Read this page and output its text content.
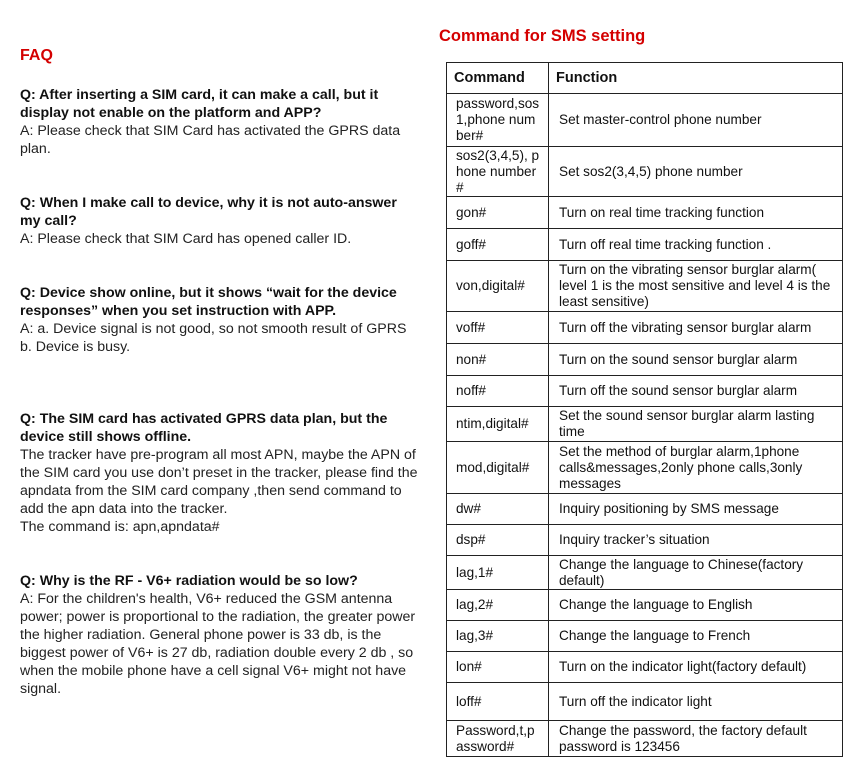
FAQ
Q: After inserting a SIM card, it can make a call, but it display not enable on the platform and APP?
A: Please check that SIM Card has activated the GPRS data plan.
Q: When I make call to device, why it is not auto-answer my call?
A: Please check that SIM Card has opened caller ID.
Q: Device show online, but it shows “wait for the device responses” when you set instruction with APP.
A: a. Device signal is not good, so not smooth result of GPRS b. Device is busy.
Q: The SIM card has activated GPRS data plan, but the device still shows offline.
The tracker have pre-program all most APN, maybe the APN of the SIM card you use don’t preset in the tracker, please find the apndata from the SIM card company ,then send command to add the apn data into the tracker.
The command is: apn,apndata#
Q: Why is the RF - V6+ radiation would be so low?
A: For the children's health, V6+ reduced the GSM antenna power; power is proportional to the radiation, the greater power the higher radiation. General phone power is 33 db, is the biggest power of V6+ is 27 db, radiation double every 2 db , so when the mobile phone have a cell signal V6+ might not have signal.
Command for SMS setting
Command	Function
password,sos1,phone number#	Set master-control phone number
sos2(3,4,5), phone number#	Set sos2(3,4,5) phone number
gon#	Turn on real time tracking function
goff#	Turn off real time tracking function .
von,digital#	Turn on the vibrating sensor burglar alarm( level 1 is the most sensitive and level 4 is the least sensitive)
voff#	Turn off the vibrating sensor burglar alarm
non#	Turn on the sound sensor burglar alarm
noff#	Turn off the sound sensor burglar alarm
ntim,digital#	Set the sound sensor burglar alarm lasting time
mod,digital#	Set the method of burglar alarm,1phone calls&messages,2only phone calls,3only messages
dw#	Inquiry positioning by SMS message
dsp#	Inquiry tracker’s situation
lag,1#	Change the language to Chinese(factory default)
lag,2#	Change the language to English
lag,3#	Change the language to French
lon#	Turn on the indicator light(factory default)
loff#	Turn off the indicator light
Password,t,password#	Change the password, the factory default password is 123456
